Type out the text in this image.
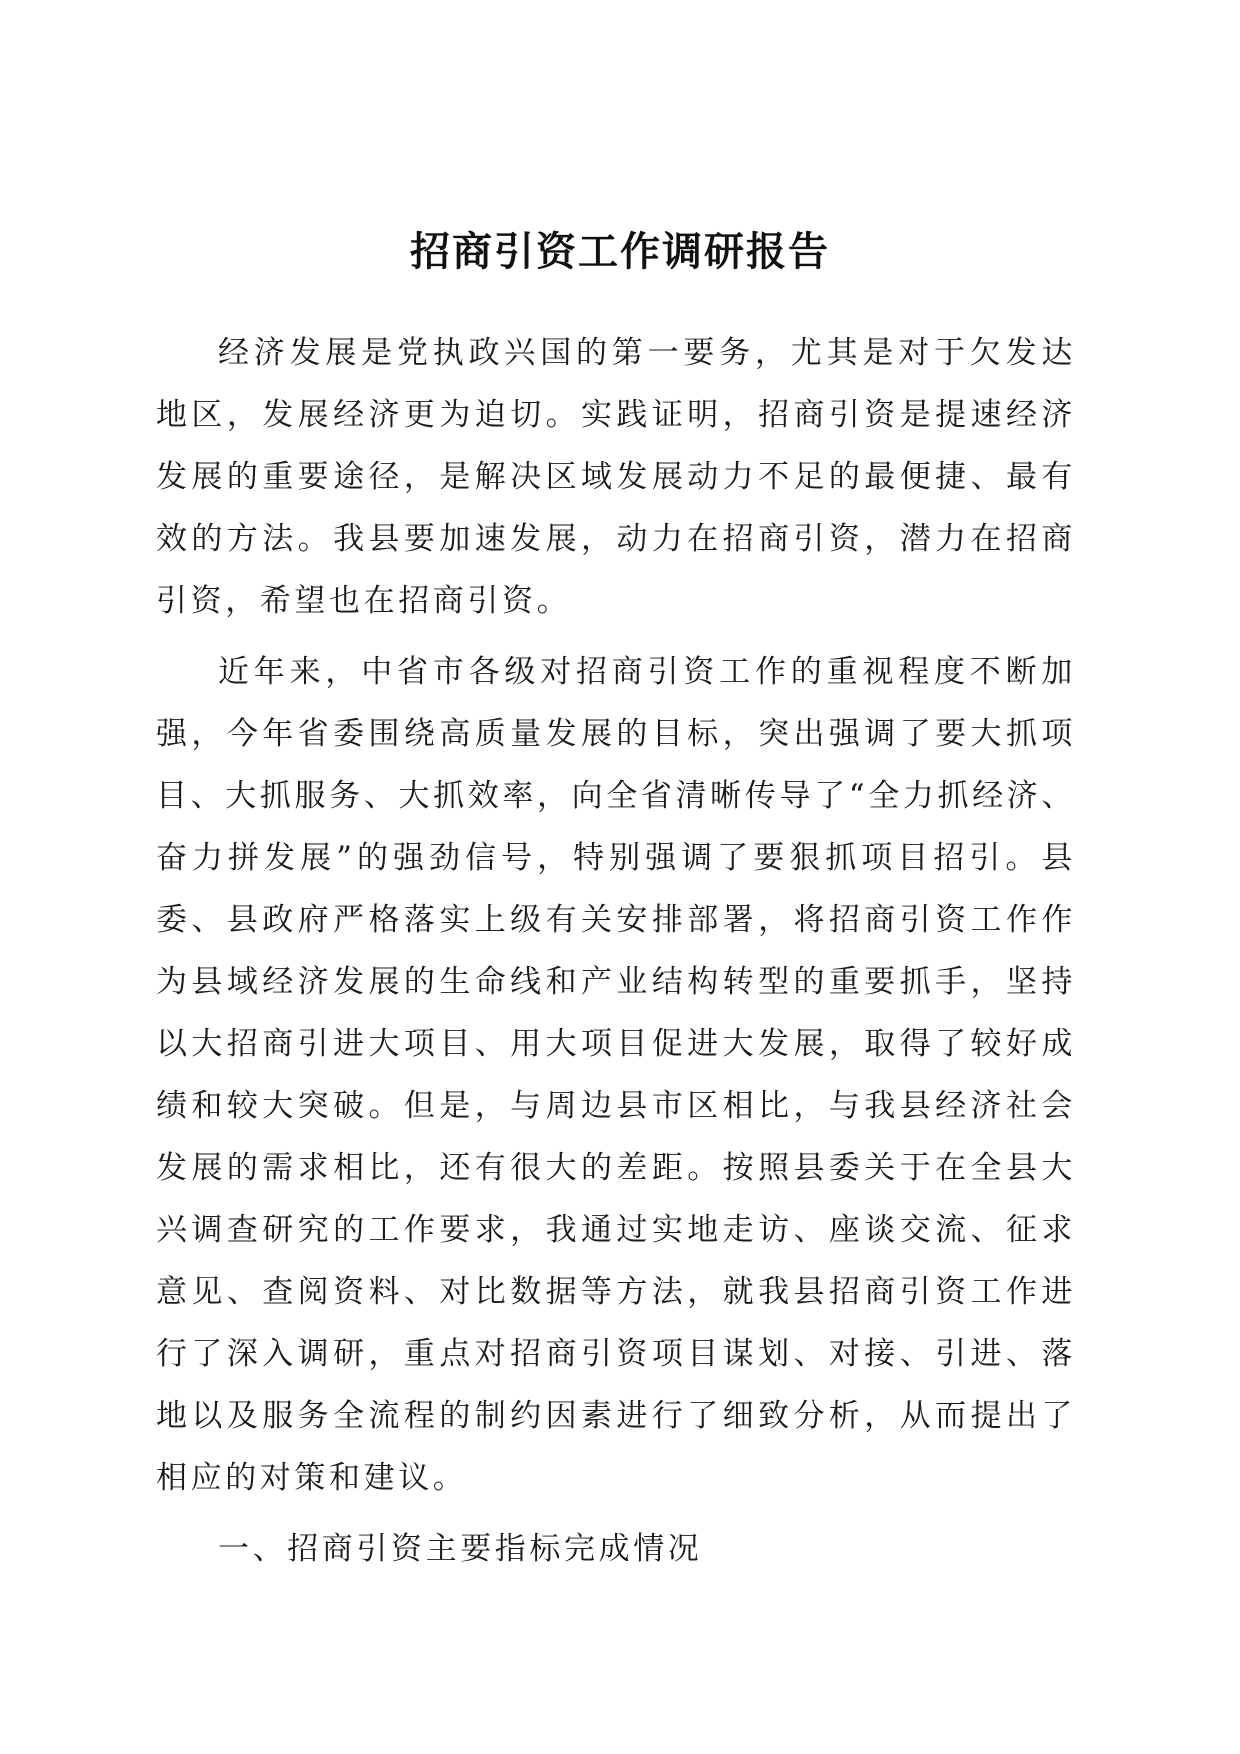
招商引资工作调研报告

经济发展是党执政兴国的第一要务，尤其是对于欠发达地区，发展经济更为迫切。实践证明，招商引资是提速经济发展的重要途径，是解决区域发展动力不足的最便捷、最有效的方法。我县要加速发展，动力在招商引资，潜力在招商引资，希望也在招商引资。

近年来，中省市各级对招商引资工作的重视程度不断加强，今年省委围绕高质量发展的目标，突出强调了要大抓项目、大抓服务、大抓效率，向全省清晰传导了“全力抓经济、奋力拼发展”的强劲信号，特别强调了要狠抓项目招引。县委、县政府严格落实上级有关安排部署，将招商引资工作作为县域经济发展的生命线和产业结构转型的重要抓手，坚持以大招商引进大项目、用大项目促进大发展，取得了较好成绩和较大突破。但是，与周边县市区相比，与我县经济社会发展的需求相比，还有很大的差距。按照县委关于在全县大兴调查研究的工作要求，我通过实地走访、座谈交流、征求意见、查阅资料、对比数据等方法，就我县招商引资工作进行了深入调研，重点对招商引资项目谋划、对接、引进、落地以及服务全流程的制约因素进行了细致分析，从而提出了相应的对策和建议。

一、招商引资主要指标完成情况
